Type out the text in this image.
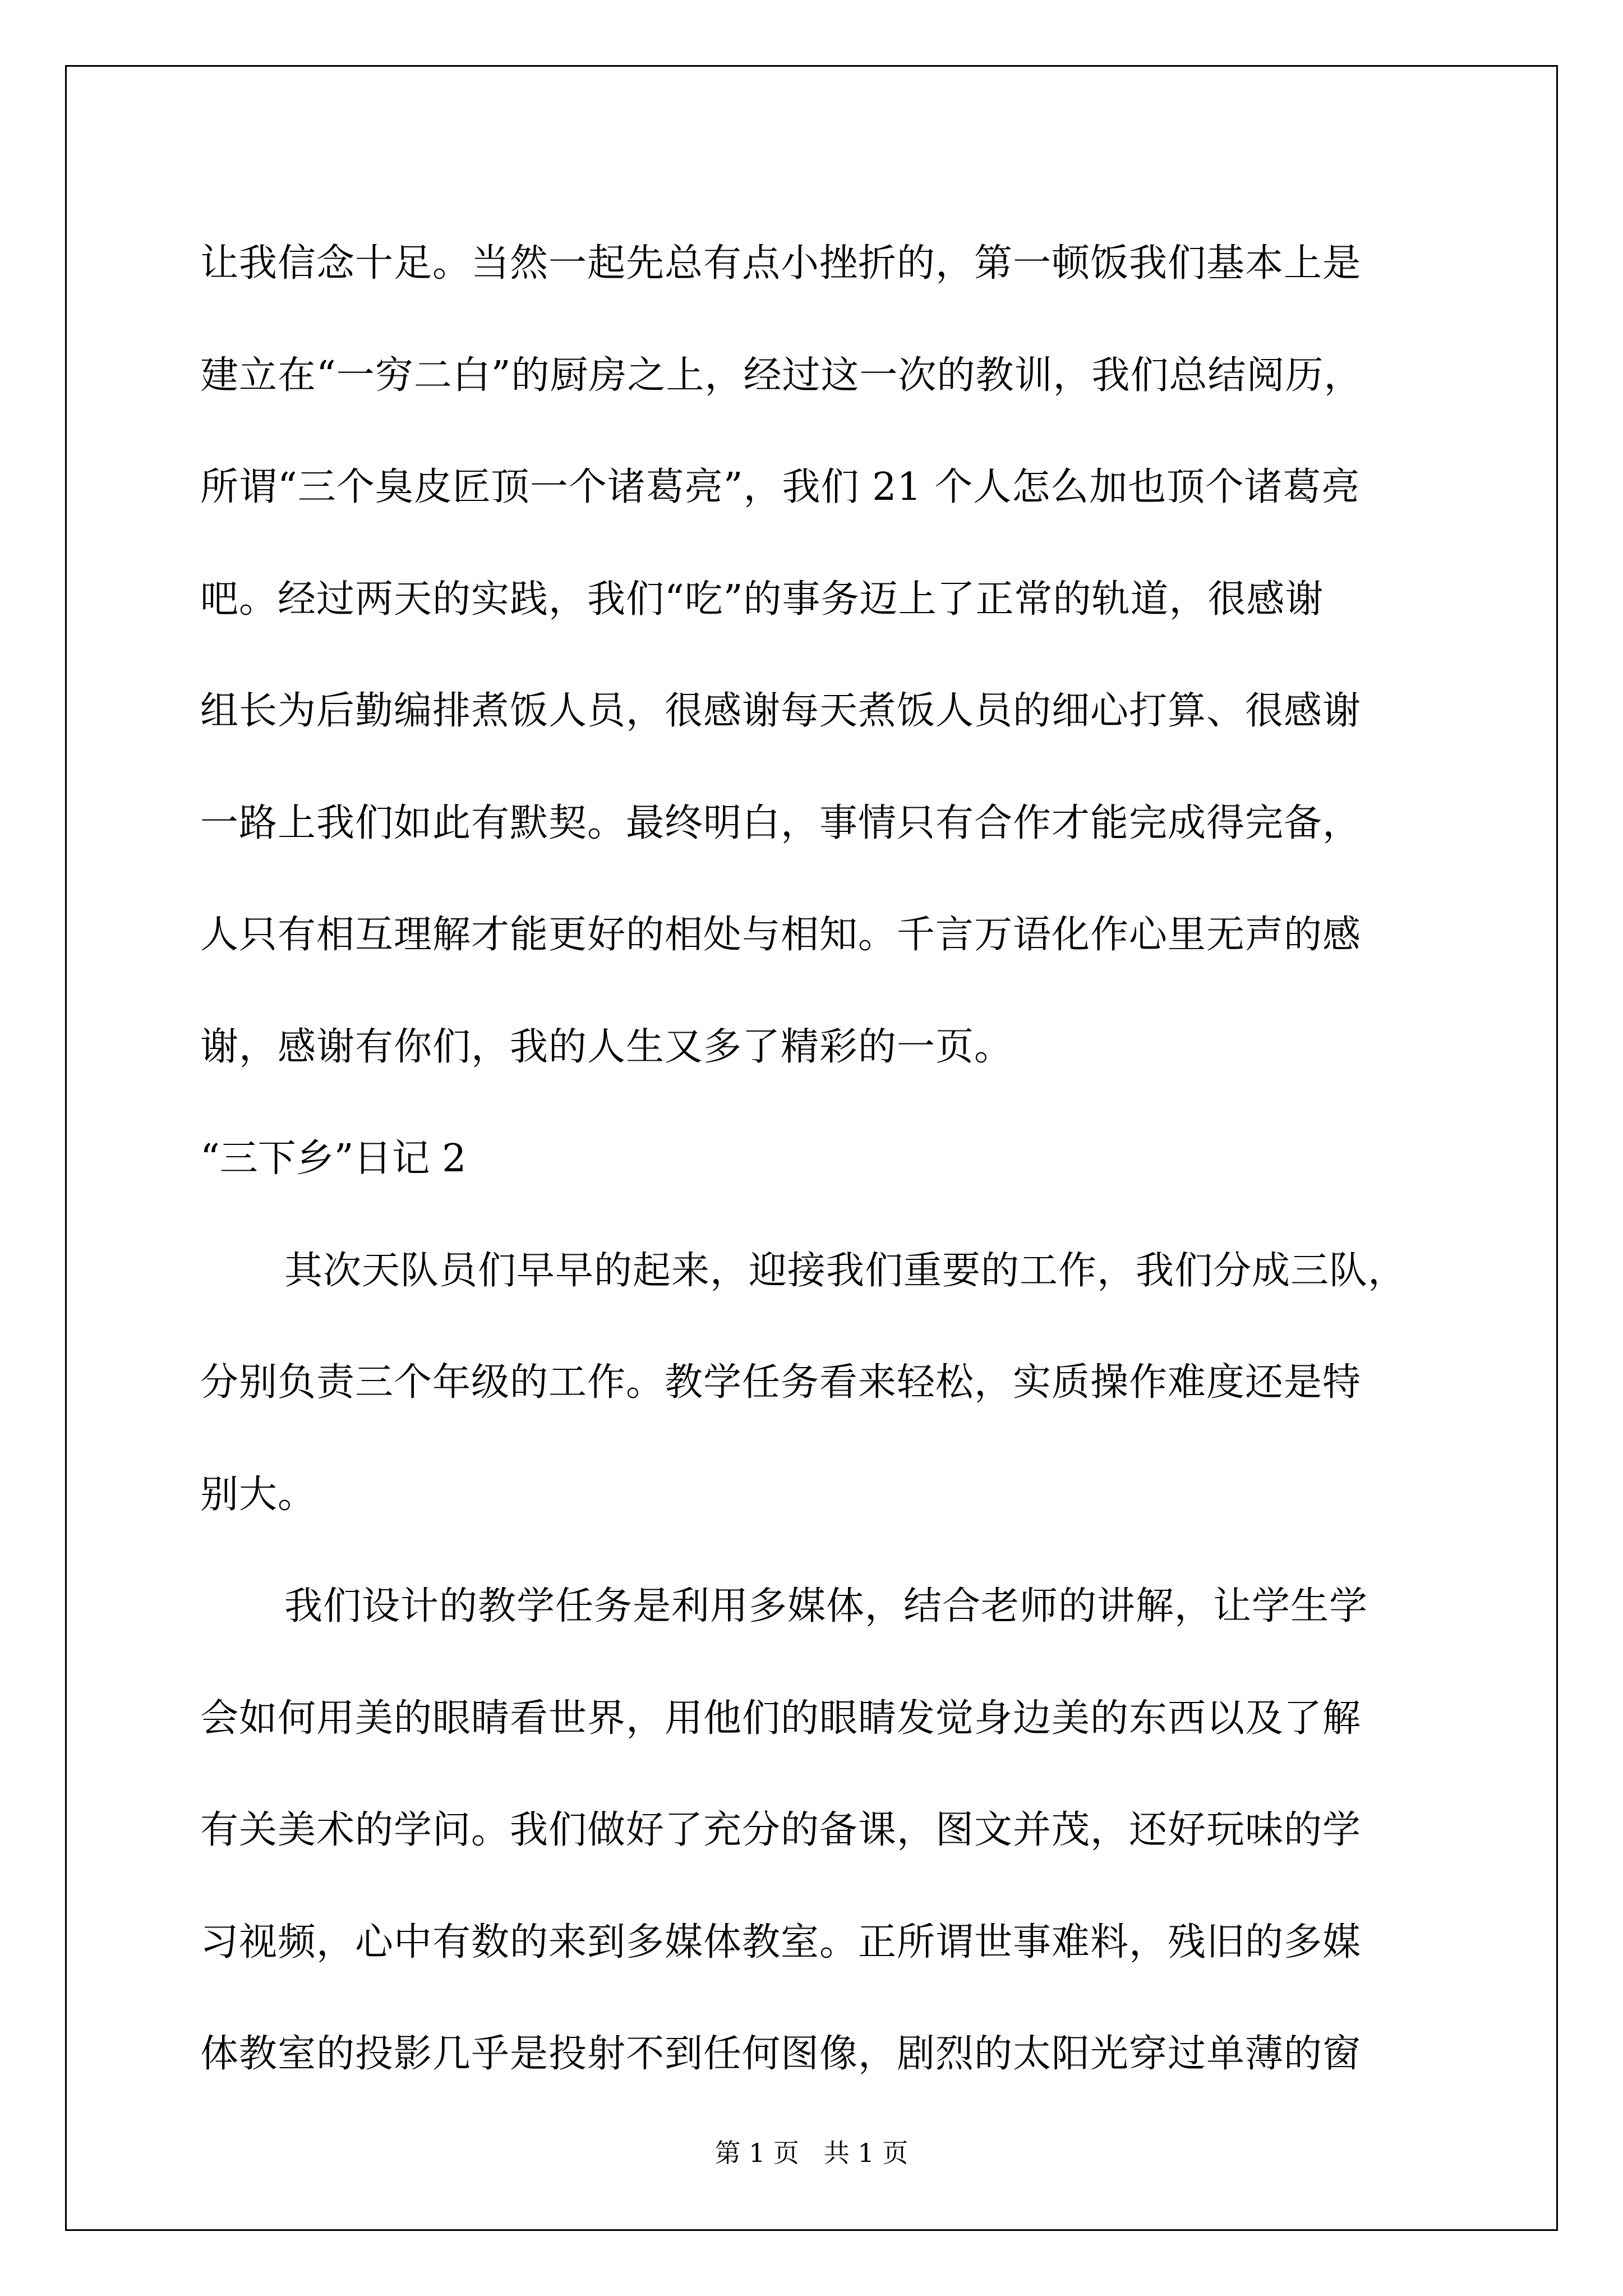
让我信念十足。当然一起先总有点小挫折的，第一顿饭我们基本上是
建立在“一穷二白”的厨房之上，经过这一次的教训，我们总结阅历，
所谓“三个臭皮匠顶一个诸葛亮”，我们 21 个人怎么加也顶个诸葛亮
吧。经过两天的实践，我们“吃”的事务迈上了正常的轨道，很感谢
组长为后勤编排煮饭人员，很感谢每天煮饭人员的细心打算、很感谢
一路上我们如此有默契。最终明白，事情只有合作才能完成得完备，
人只有相互理解才能更好的相处与相知。千言万语化作心里无声的感
谢，感谢有你们，我的人生又多了精彩的一页。
“三下乡”日记 2
其次天队员们早早的起来，迎接我们重要的工作，我们分成三队，
分别负责三个年级的工作。教学任务看来轻松，实质操作难度还是特
别大。
我们设计的教学任务是利用多媒体，结合老师的讲解，让学生学
会如何用美的眼睛看世界，用他们的眼睛发觉身边美的东西以及了解
有关美术的学问。我们做好了充分的备课，图文并茂，还好玩味的学
习视频，心中有数的来到多媒体教室。正所谓世事难料，残旧的多媒
体教室的投影几乎是投射不到任何图像，剧烈的太阳光穿过单薄的窗
第 1 页   共 1 页
